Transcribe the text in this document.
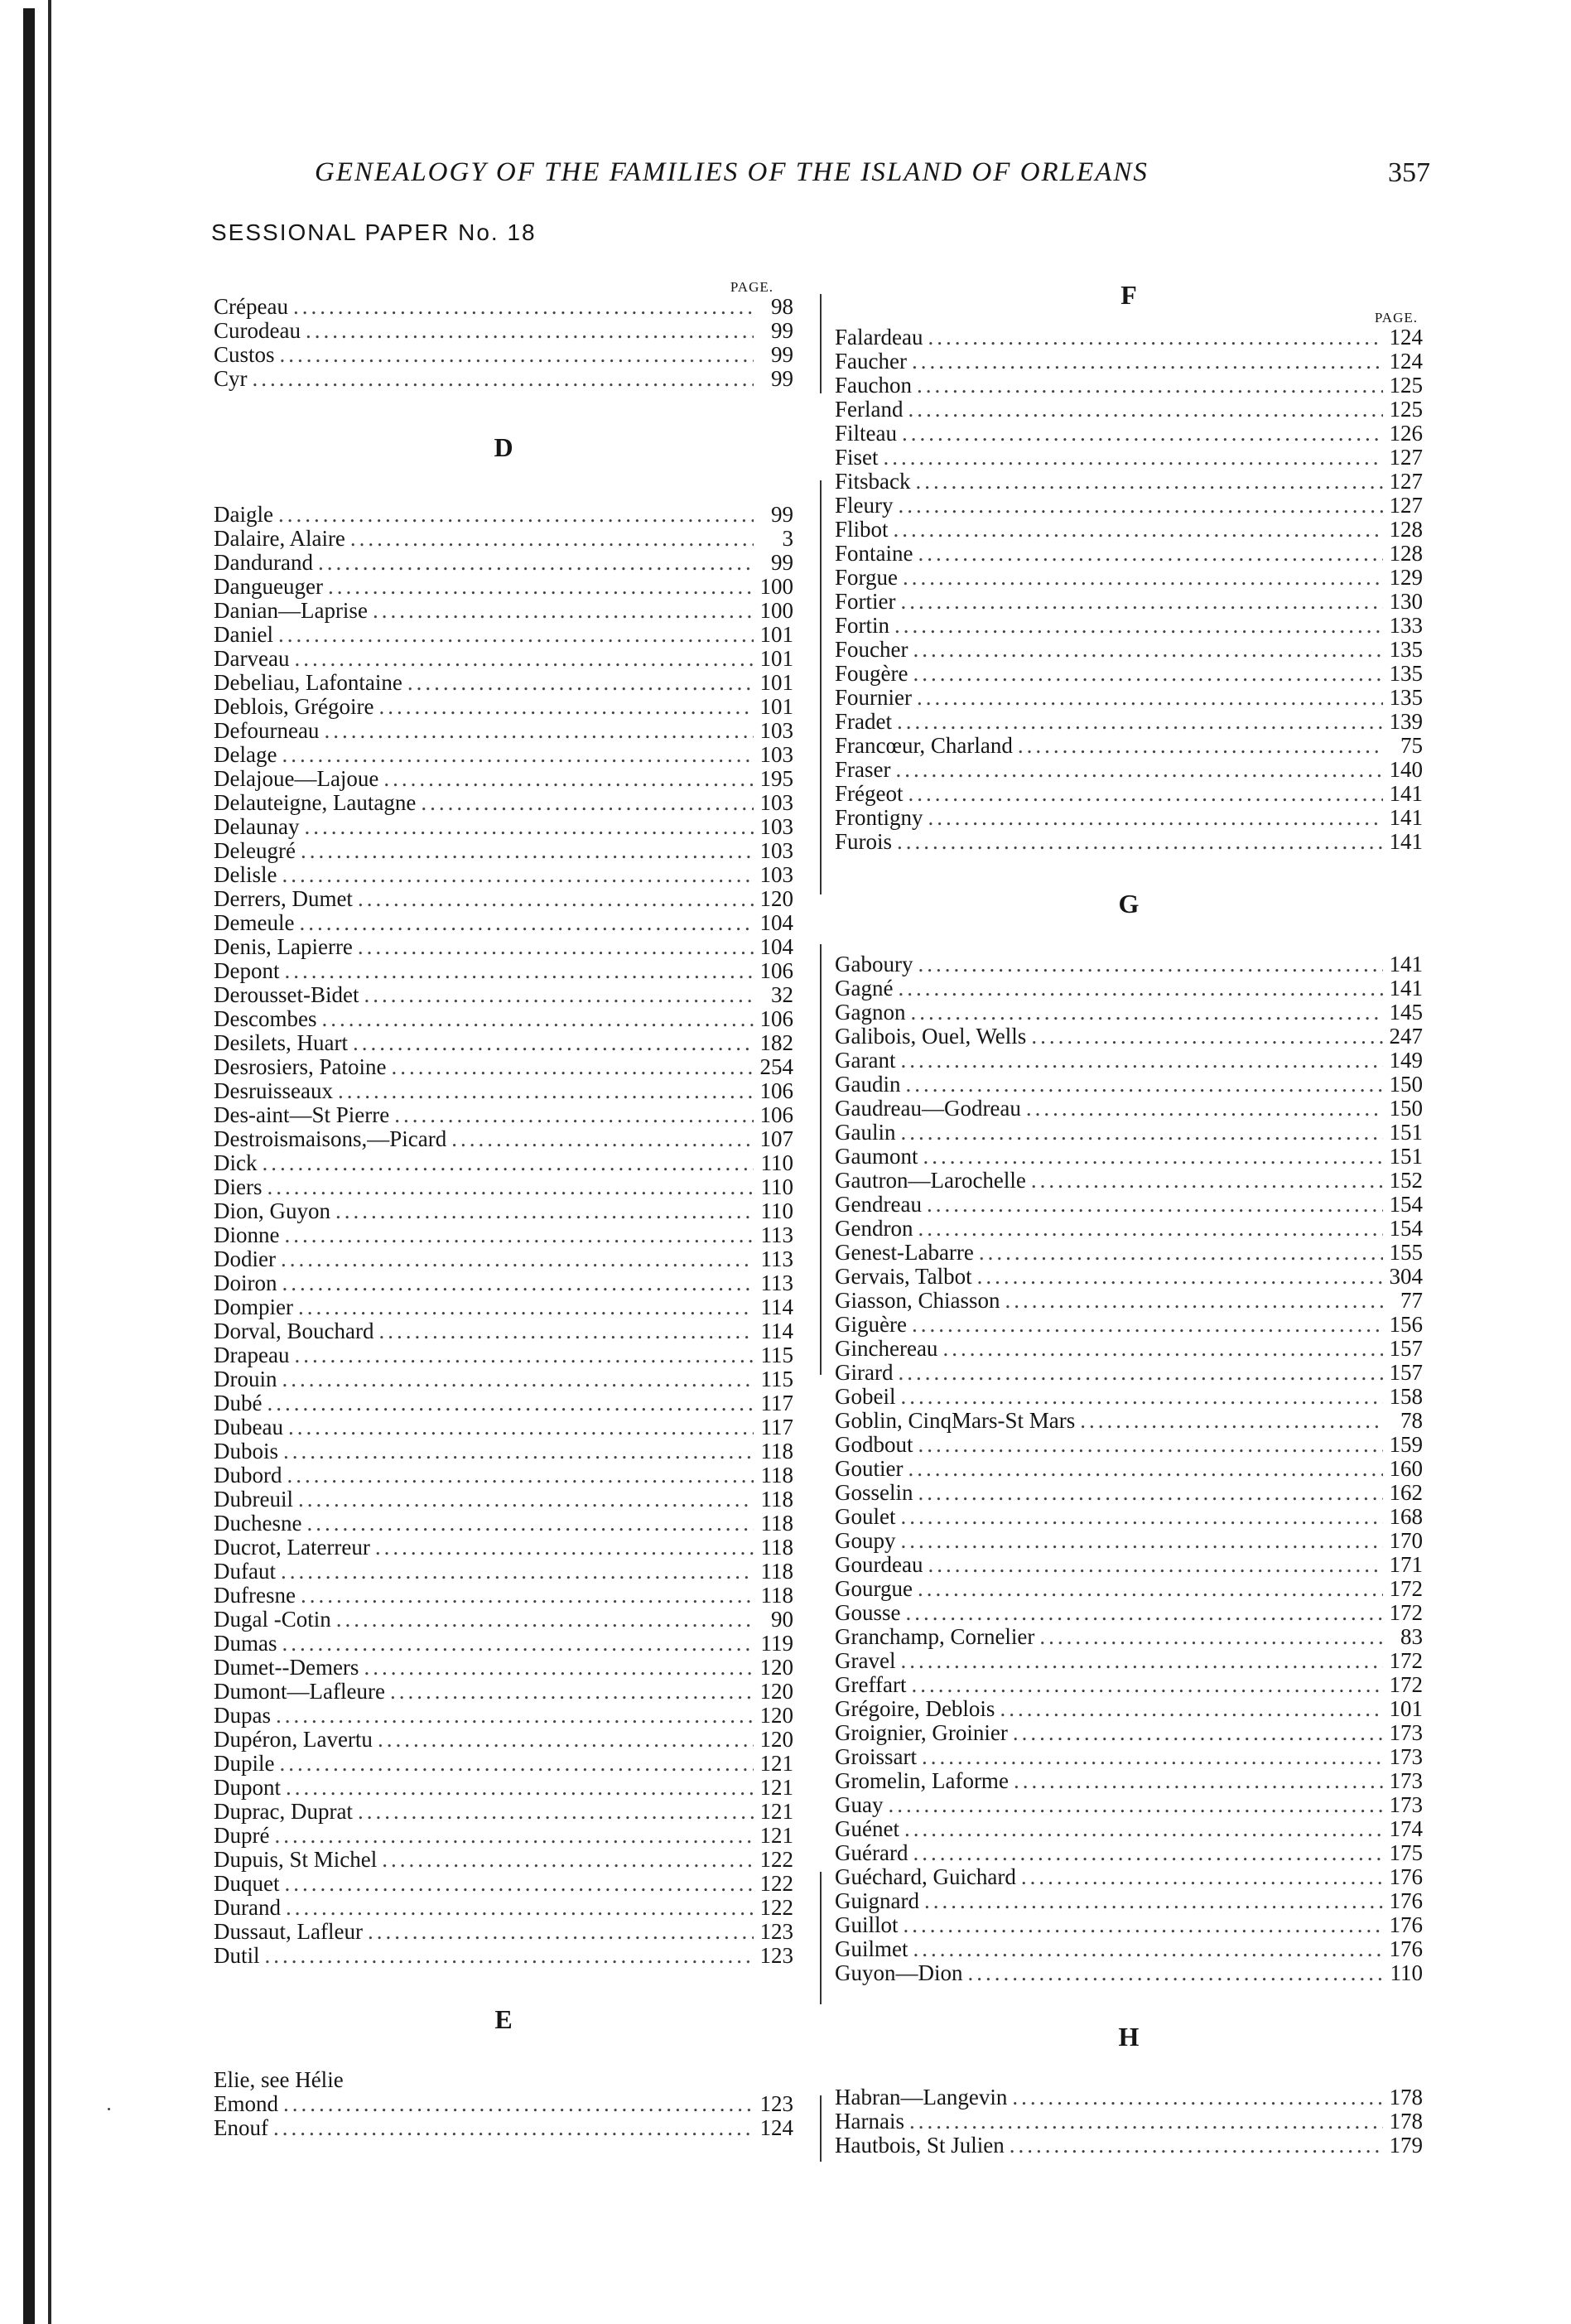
GENEALOGY OF THE FAMILIES OF THE ISLAND OF ORLEANS	357
SESSIONAL PAPER No. 18
PAGE.
Crépeau .....	98
Curodeau .....	99
Custos .....	99
Cyr .....	99
D
Daigle .....	99
Dalaire, Alaire .....	3
Dandurand .....	99
Dangueuger .....	100
Danian—Laprise .....	100
Daniel .....	101
Darveau .....	101
Debeliau, Lafontaine .....	101
Deblois, Grégoire .....	101
Defourneau .....	103
Delage .....	103
Delajoue—Lajoue .....	195
Delauteigne, Lautagne .....	103
Delaunay .....	103
Deleugré .....	103
Delisle .....	103
Derrers, Dumet .....	120
Demeule .....	104
Denis, Lapierre .....	104
Depont .....	106
Derousset-Bidet .....	32
Descombes .....	106
Desilets, Huart .....	182
Desrosiers, Patoine .....	254
Desruisseaux .....	106
Des-aint—St Pierre .....	106
Destroismaisons,—Picard .....	107
Dick .....	110
Diers .....	110
Dion, Guyon .....	110
Dionne .....	113
Dodier .....	113
Doiron .....	113
Dompier .....	114
Dorval, Bouchard .....	114
Drapeau .....	115
Drouin .....	115
Dubé .....	117
Dubeau .....	117
Dubois .....	118
Dubord .....	118
Dubreuil .....	118
Duchesne .....	118
Ducrot, Laterreur .....	118
Dufaut .....	118
Dufresne .....	118
Dugal -Cotin .....	90
Dumas .....	119
Dumet--Demers .....	120
Dumont—Lafleure .....	120
Dupas .....	120
Dupéron, Lavertu .....	120
Dupile .....	121
Dupont .....	121
Duprac, Duprat .....	121
Dupré .....	121
Dupuis, St Michel .....	122
Duquet .....	122
Durand .....	122
Dussaut, Lafleur .....	123
Dutil .....	123
E
Elie, see Hélie
Emond .....	123
Enouf .....	124
F
PAGE.
Falardeau .....	124
Faucher .....	124
Fauchon .....	125
Ferland .....	125
Filteau .....	126
Fiset .....	127
Fitsback .....	127
Fleury .....	127
Flibot .....	128
Fontaine .....	128
Forgue .....	129
Fortier .....	130
Fortin .....	133
Foucher .....	135
Fougère .....	135
Fournier .....	135
Fradet .....	139
Francœur, Charland .....	75
Fraser .....	140
Frégeot .....	141
Frontigny .....	141
Furois .....	141
G
Gaboury .....	141
Gagné .....	141
Gagnon .....	145
Galibois, Ouel, Wells .....	247
Garant .....	149
Gaudin .....	150
Gaudreau—Godreau .....	150
Gaulin .....	151
Gaumont .....	151
Gautron—Larochelle .....	152
Gendreau .....	154
Gendron .....	154
Genest-Labarre .....	155
Gervais, Talbot .....	304
Giasson, Chiasson .....	77
Giguère .....	156
Ginchereau .....	157
Girard .....	157
Gobeil .....	158
Goblin, CinqMars-St Mars .....	78
Godbout .....	159
Goutier .....	160
Gosselin .....	162
Goulet .....	168
Goupy .....	170
Gourdeau .....	171
Gourgue .....	172
Gousse .....	172
Granchamp, Cornelier .....	83
Gravel .....	172
Greffart .....	172
Grégoire, Deblois .....	101
Groignier, Groinier .....	173
Groissart .....	173
Gromelin, Laforme .....	173
Guay .....	173
Guénet .....	174
Guérard .....	175
Guéchard, Guichard .....	176
Guignard .....	176
Guillot .....	176
Guilmet .....	176
Guyon—Dion .....	110
H
Habran—Langevin .....	178
Harnais .....	178
Hautbois, St Julien .....	179
